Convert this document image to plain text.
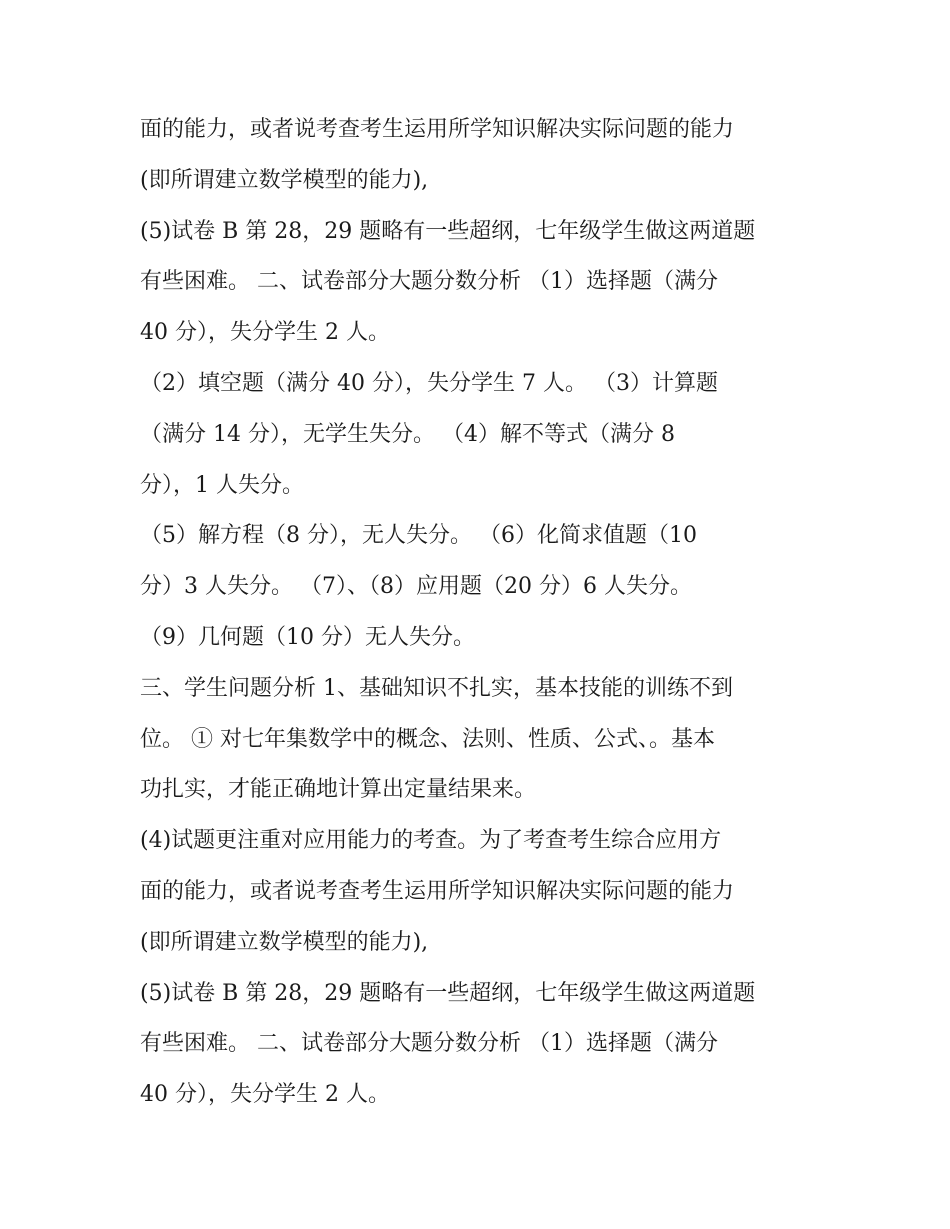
面的能力，或者说考查考生运用所学知识解决实际问题的能力
(即所谓建立数学模型的能力),
(5)试卷 B 第 28，29 题略有一些超纲，七年级学生做这两道题
有些困难。 二、试卷部分大题分数分析 （1）选择题（满分
40 分），失分学生 2 人。
（2）填空题（满分 40 分），失分学生 7 人。 （3）计算题
（满分 14 分），无学生失分。 （4）解不等式（满分 8
分），1 人失分。
（5）解方程（8 分），无人失分。 （6）化简求值题（10
分）3 人失分。 （7）、（8）应用题（20 分）6 人失分。
（9）几何题（10 分）无人失分。
三、学生问题分析 1、基础知识不扎实，基本技能的训练不到
位。 ① 对七年集数学中的概念、法则、性质、公式、。基本
功扎实，才能正确地计算出定量结果来。
(4)试题更注重对应用能力的考查。为了考查考生综合应用方
面的能力，或者说考查考生运用所学知识解决实际问题的能力
(即所谓建立数学模型的能力),
(5)试卷 B 第 28，29 题略有一些超纲，七年级学生做这两道题
有些困难。 二、试卷部分大题分数分析 （1）选择题（满分
40 分），失分学生 2 人。
